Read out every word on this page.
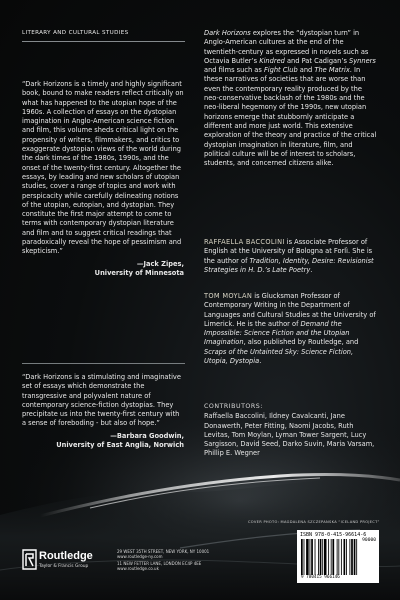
LITERARY AND CULTURAL STUDIES
“Dark Horizons is a timely and highly significant book, bound to make readers reflect critically on what has happened to the utopian hope of the 1960s. A collection of essays on the dystopian imagination in Anglo-American science fiction and film, this volume sheds critical light on the propensity of writers, filmmakers, and critics to exaggerate dystopian views of the world during the dark times of the 1980s, 1990s, and the onset of the twenty-first century. Altogether the essays, by leading and new scholars of utopian studies, cover a range of topics and work with perspicacity while carefully delineating notions of the utopian, eutopian, and dystopian. They constitute the first major attempt to come to terms with contemporary dystopian literature and film and to suggest critical readings that paradoxically reveal the hope of pessimism and skepticism.”
—Jack Zipes,
University of Minnesota
“Dark Horizons is a stimulating and imaginative set of essays which demonstrate the transgressive and polyvalent nature of contemporary science-fiction dystopias. They precipitate us into the twenty-first century with a sense of foreboding - but also of hope.”
—Barbara Goodwin,
University of East Anglia, Norwich
Dark Horizons explores the “dystopian turn” in Anglo-American cultures at the end of the twentieth-century as expressed in novels such as Octavia Butler’s Kindred and Pat Cadigan’s Synners and films such as Fight Club and The Matrix. In these narratives of societies that are worse than even the contemporary reality produced by the neo-conservative backlash of the 1980s and the neo-liberal hegemony of the 1990s, new utopian horizons emerge that stubbornly anticipate a different and more just world. This extensive exploration of the theory and practice of the critical dystopian imagination in literature, film, and political culture will be of interest to scholars, students, and concerned citizens alike.
RAFFAELLA BACCOLINI is Associate Professor of English at the University of Bologna at Forlì. She is the author of Tradition, Identity, Desire: Revisionist Strategies in H. D.’s Late Poetry.
TOM MOYLAN is Glucksman Professor of Contemporary Writing in the Department of Languages and Cultural Studies at the University of Limerick. He is the author of Demand the Impossible: Science Fiction and the Utopian Imagination, also published by Routledge, and Scraps of the Untainted Sky: Science Fiction, Utopia, Dystopia.
CONTRIBUTORS:
Raffaella Baccolini, Ildney Cavalcanti, Jane Donawerth, Peter Fitting, Naomi Jacobs, Ruth Levitas, Tom Moylan, Lyman Tower Sargent, Lucy Sargisson, David Seed, Darko Suvin, Maria Varsam, Phillip E. Wegner
COVER PHOTO: MAGDALENA SZCZEPANSKA “ICELAND PROJECT”
ISBN 978-0-415-96614-6
90000
9 780415 966146
Routledge
Taylor & Francis Group
29 WEST 35TH STREET, NEW YORK, NY 10001
www.routledge-ny.com
11 NEW FETTER LANE, LONDON EC4P 4EE
www.routledge.co.uk
